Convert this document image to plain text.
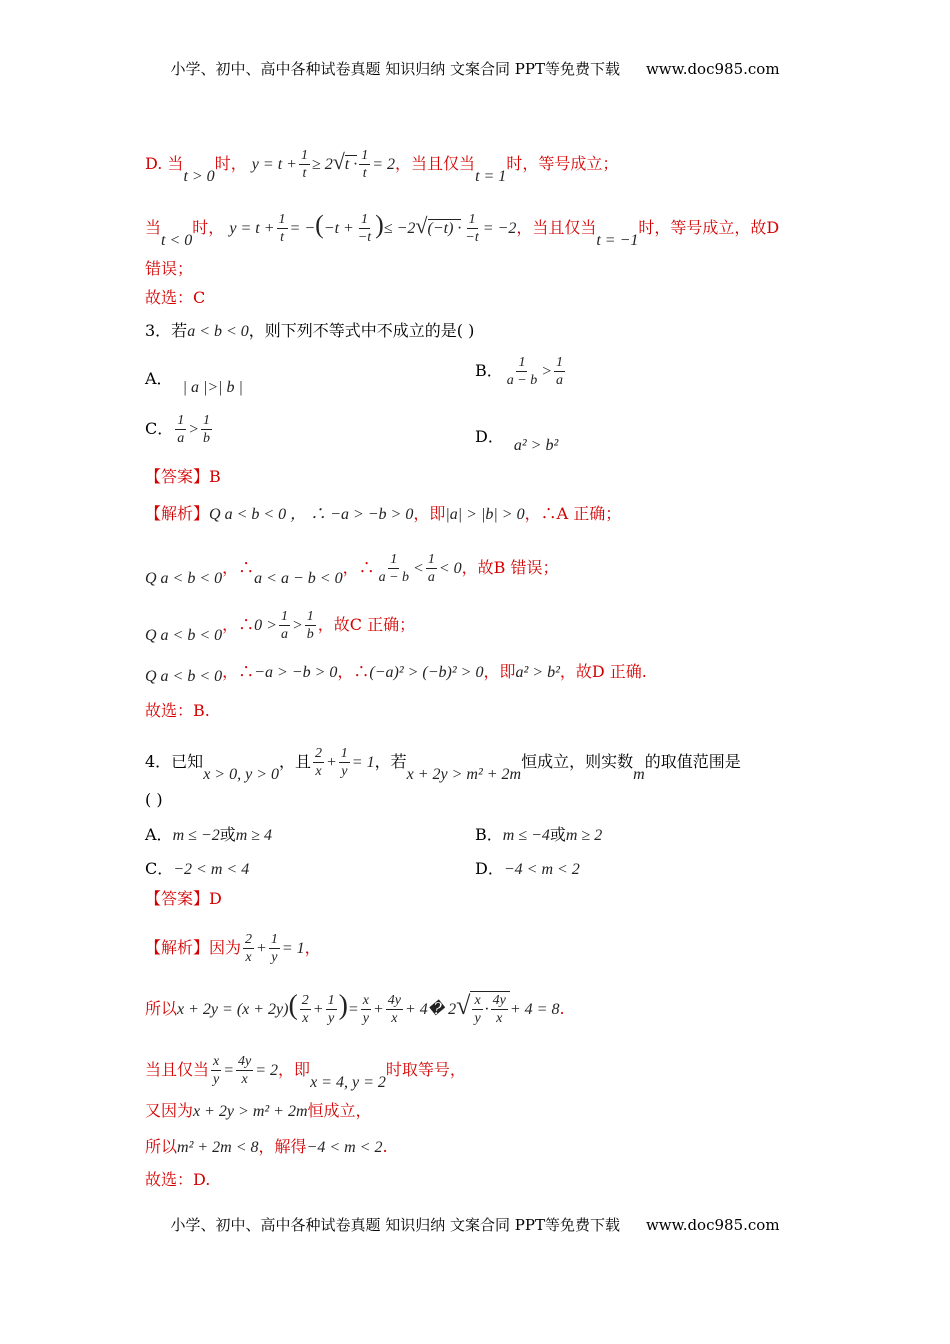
小学、初中、高中各种试卷真题 知识归纳 文案合同 PPT等免费下载 www.doc985.com
D. 当t > 0时， $y = t + \frac{1}{t} \ge 2√t \cdot \frac{1}{t} = 2$，当且仅当t = 1时，等号成立；
当t < 0时， $y = t + \frac{1}{t} = -(-t + \frac{1}{-t}$ )≤ $-2√(-t) \cdot \frac{1}{-t} = -2$，当且仅当t = −1时，等号成立，故D
错误；
故选：C
3．若a < b < 0，则下列不等式中不成立的是( )
A． | a |>| b |
B． $\frac{1}{a - b} > \frac{1}{a}$
C． $\frac{1}{a} > \frac{1}{b}$	D． a² > b²
【答案】B
【解析】Q a < b < 0 ， ∴ −a > −b > 0，即|a| > |b| > 0，∴A 正确；
Q a < b < 0，∴a < a − b < 0，∴ $\frac{1}{a - b} < \frac{1}{a} < 0$，故B 错误；
Q a < b < 0，∴0 > $\frac{1}{a} > \frac{1}{b}$ ，故C 正确；
Q a < b < 0，∴−a > −b > 0，∴(−a)² > (−b)² > 0，即a² > b²，故D 正确.
故选：B.
4．已知x > 0, y > 0，且 $\frac{2}{x} + \frac{1}{y} = 1$，若x + 2y > m² + 2m恒成立，则实数m的取值范围是
( )
A．m ≤ −2或m ≥ 4	B．m ≤ −4或m ≥ 2
C．−2 < m < 4	D．−4 < m < 2
【答案】D
【解析】因为 $\frac{2}{x} + \frac{1}{y} = 1$，
所以$x + 2y = (x + 2y)( \frac{2}{x} + \frac{1}{y}$ )= $\frac{x}{y} + \frac{4y}{x}$ + 4� $2√ \frac{x}{y} \cdot \frac{4y}{x} + 4 = 8$.
当且仅当 $\frac{x}{y} = \frac{4y}{x} = 2$，即x = 4, y = 2时取等号，
又因为x + 2y > m² + 2m恒成立，
所以m² + 2m < 8，解得−4 < m < 2.
故选：D.
小学、初中、高中各种试卷真题 知识归纳 文案合同 PPT等免费下载 www.doc985.com
